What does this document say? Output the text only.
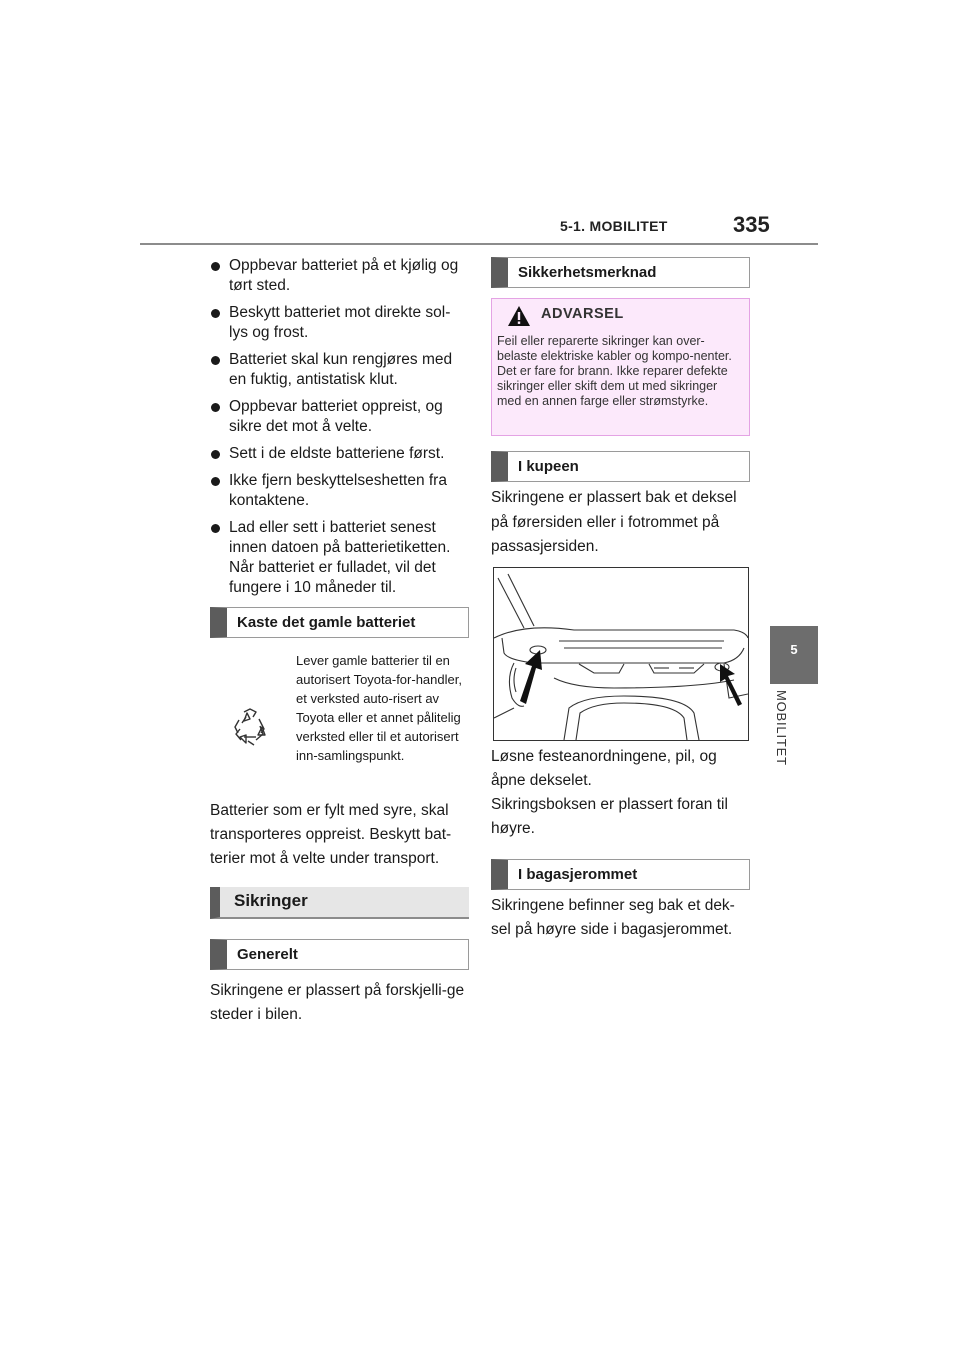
5-1. MOBILITET	335
5
MOBILITET
Oppbevar batteriet på et kjølig og tørt sted.
Beskytt batteriet mot direkte sol-lys og frost.
Batteriet skal kun rengjøres med en fuktig, antistatisk klut.
Oppbevar batteriet oppreist, og sikre det mot å velte.
Sett i de eldste batteriene først.
Ikke fjern beskyttelseshetten fra kontaktene.
Lad eller sett i batteriet senest innen datoen på batterietiketten. Når batteriet er fulladet, vil det fungere i 10 måneder til.
Kaste det gamle batteriet
Lever gamle batterier til en autorisert Toyota-for-handler, et verksted auto-risert av Toyota eller et annet pålitelig verksted eller til et autorisert inn-samlingspunkt.
Batterier som er fylt med syre, skal transporteres oppreist. Beskytt bat-terier mot å velte under transport.
Sikringer
Generelt
Sikringene er plassert på forskjelli-ge steder i bilen.
Sikkerhetsmerknad
ADVARSEL
Feil eller reparerte sikringer kan over-belaste elektriske kabler og kompo-nenter. Det er fare for brann. Ikke reparer defekte sikringer eller skift dem ut med sikringer med en annen farge eller strømstyrke.
I kupeen
Sikringene er plassert bak et deksel på førersiden eller i fotrommet på passasjersiden.
Løsne festeanordningene, pil, og åpne dekselet.
Sikringsboksen er plassert foran til høyre.
I bagasjerommet
Sikringene befinner seg bak et dek-sel på høyre side i bagasjerommet.
